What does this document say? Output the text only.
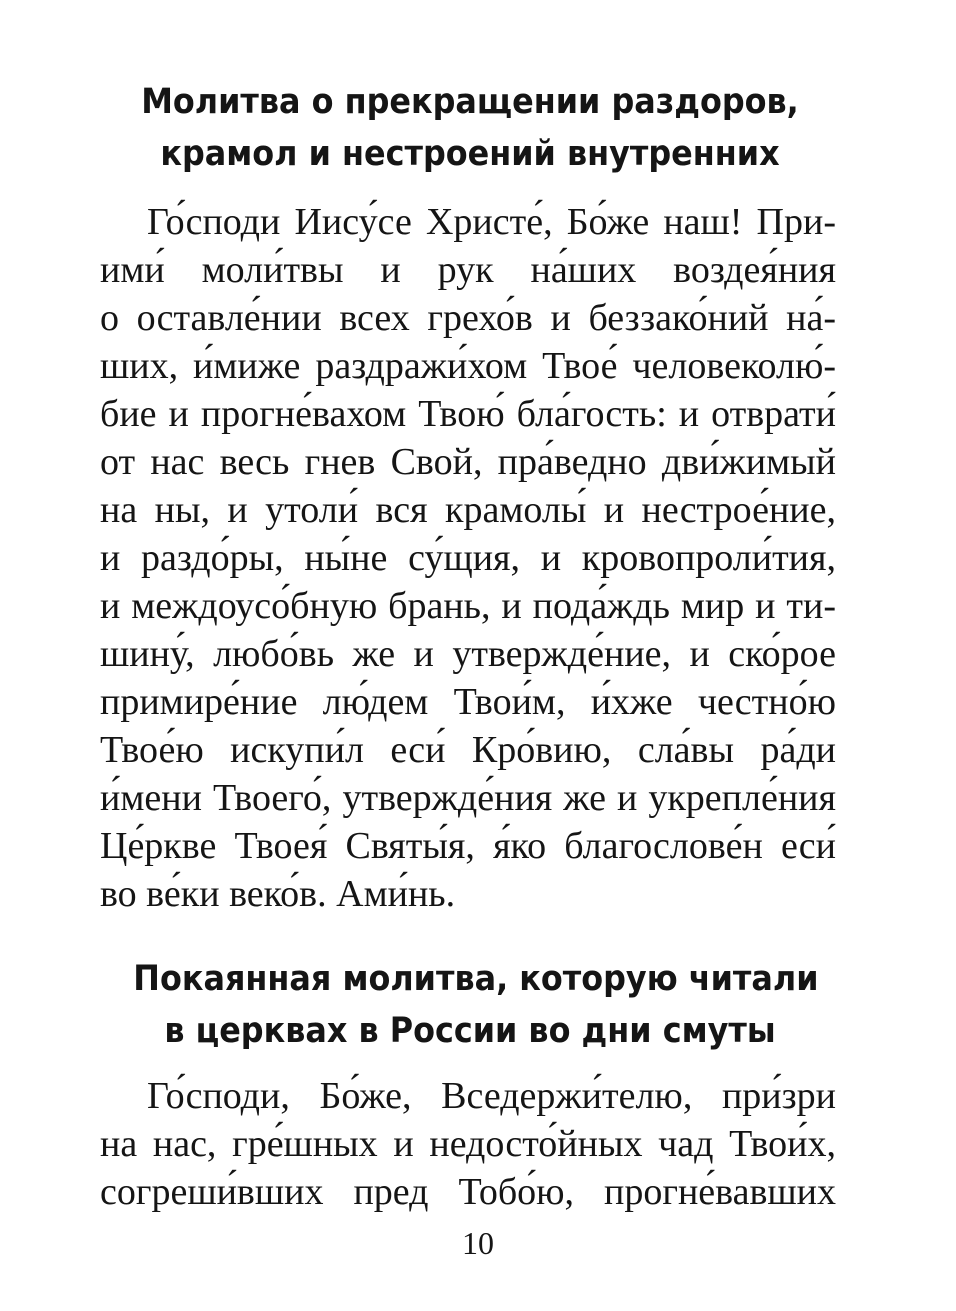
Молитва о прекращении раздоров,
крамол и нестроений внутренних
Го́споди Иису́се Христе́, Бо́же наш! При-
ими́ моли́твы и рук на́ших воздея́ния
о оставле́нии всех грехо́в и беззако́ний на́-
ших, и́миже раздражи́хом Твое́ человеколю́-
бие и прогне́вахом Твою́ бла́гость: и отврати́
от нас весь гнев Свой, пра́ведно дви́жимый
на ны, и утоли́ вся крамолы́ и нестрое́ние,
и раздо́ры, ны́не су́щия, и кровопроли́тия,
и междоусо́бную брань, и пода́ждь мир и ти-
шину́, любо́вь же и утвержде́ние, и ско́рое
примире́ние лю́дем Твои́м, и́хже честно́ю
Твое́ю искупи́л еси́ Кро́вию, сла́вы ра́ди
и́мени Твоего́, утвержде́ния же и укрепле́ния
Це́ркве Твоея́ Святы́я, я́ко благослове́н еси́
во ве́ки веко́в. Ами́нь.
Покаянная молитва, которую читали
в церквах в России во дни смуты
Го́споди, Бо́же, Вседержи́телю, при́зри
на нас, гре́шных и недосто́йных чад Твои́х,
согреши́вших пред Тобо́ю, прогне́вавших
10
